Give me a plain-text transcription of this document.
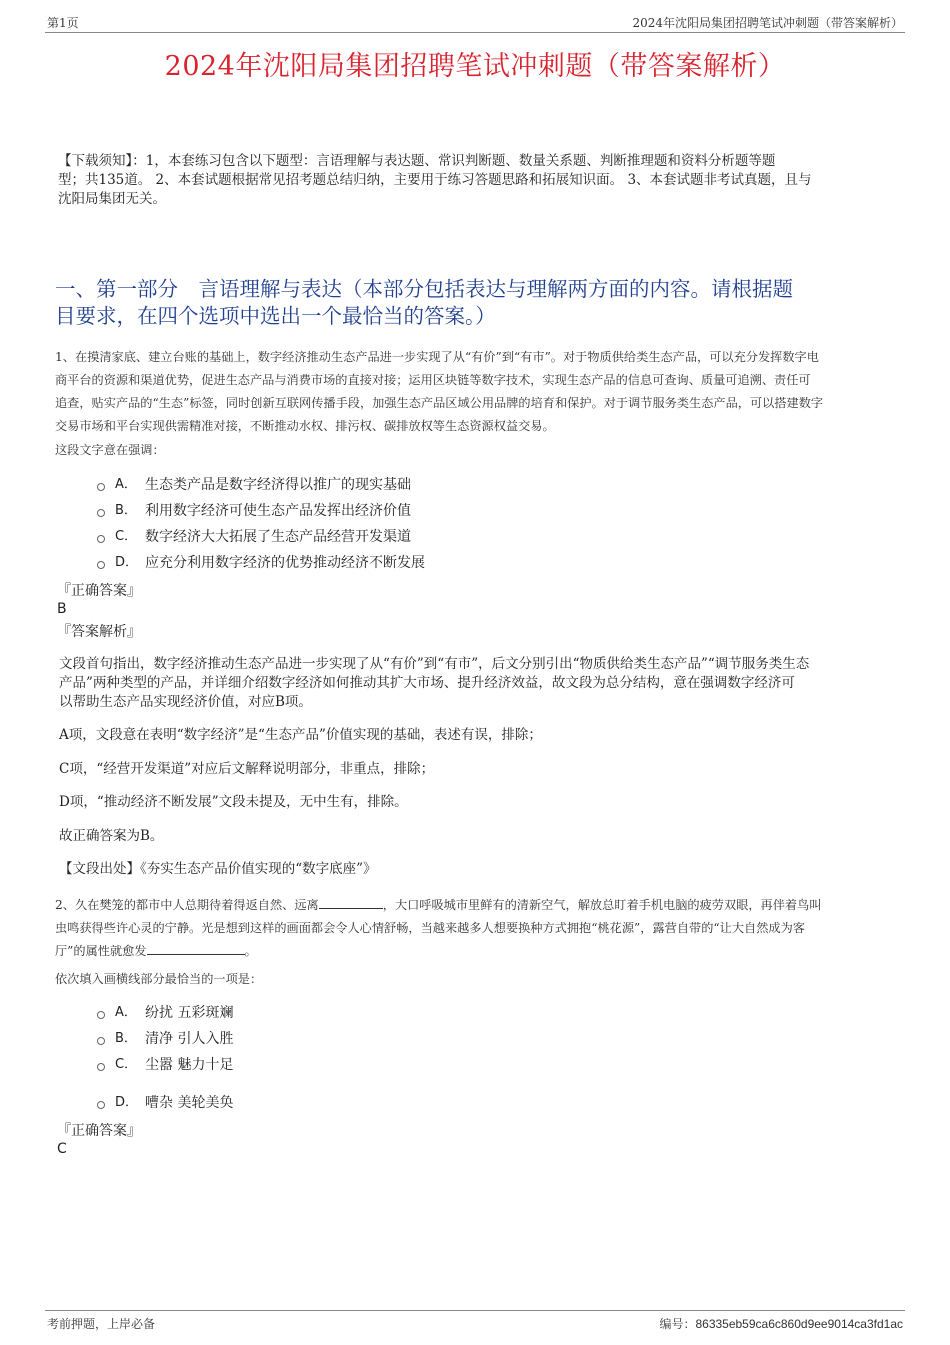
第1页	2024年沈阳局集团招聘笔试冲刺题（带答案解析）
2024年沈阳局集团招聘笔试冲刺题（带答案解析）
【下载须知】：1，本套练习包含以下题型：言语理解与表达题、常识判断题、数量关系题、判断推理题和资料分析题等题
型；共135道。 2、本套试题根据常见招考题总结归纳，主要用于练习答题思路和拓展知识面。 3、本套试题非考试真题，且与
沈阳局集团无关。
一、第一部分　言语理解与表达（本部分包括表达与理解两方面的内容。请根据题
目要求，在四个选项中选出一个最恰当的答案。）
1、在摸清家底、建立台账的基础上，数字经济推动生态产品进一步实现了从“有价”到“有市”。对于物质供给类生态产品，可以充分发挥数字电
商平台的资源和渠道优势，促进生态产品与消费市场的直接对接；运用区块链等数字技术，实现生态产品的信息可查询、质量可追溯、责任可
追查，贴实产品的“生态”标签，同时创新互联网传播手段，加强生态产品区域公用品牌的培育和保护。对于调节服务类生态产品，可以搭建数字
交易市场和平台实现供需精准对接，不断推动水权、排污权、碳排放权等生态资源权益交易。
这段文字意在强调：
A． 生态类产品是数字经济得以推广的现实基础
B． 利用数字经济可使生态产品发挥出经济价值
C． 数字经济大大拓展了生态产品经营开发渠道
D． 应充分利用数字经济的优势推动经济不断发展
『正确答案』
B
『答案解析』
文段首句指出，数字经济推动生态产品进一步实现了从“有价”到“有市”，后文分别引出“物质供给类生态产品”“调节服务类生态
产品”两种类型的产品，并详细介绍数字经济如何推动其扩大市场、提升经济效益，故文段为总分结构，意在强调数字经济可
以帮助生态产品实现经济价值，对应B项。
A项，文段意在表明“数字经济”是“生态产品”价值实现的基础，表述有误，排除；
C项，“经营开发渠道”对应后文解释说明部分，非重点，排除；
D项，“推动经济不断发展”文段未提及，无中生有，排除。
故正确答案为B。
【文段出处】《夯实生态产品价值实现的“数字底座”》
2、久在樊笼的都市中人总期待着得返自然、远离	，大口呼吸城市里鲜有的清新空气，解放总盯着手机电脑的疲劳双眼，再伴着鸟叫
虫鸣获得些许心灵的宁静。光是想到这样的画面都会令人心情舒畅，当越来越多人想要换种方式拥抱“桃花源”，露营自带的“让大自然成为客
厅”的属性就愈发	。
依次填入画横线部分最恰当的一项是：
A． 纷扰 五彩斑斓
B． 清净 引人入胜
C． 尘嚣 魅力十足
D． 嘈杂 美轮美奂
『正确答案』
C
考前押题，上岸必备	编号：86335eb59ca6c860d9ee9014ca3fd1ac
